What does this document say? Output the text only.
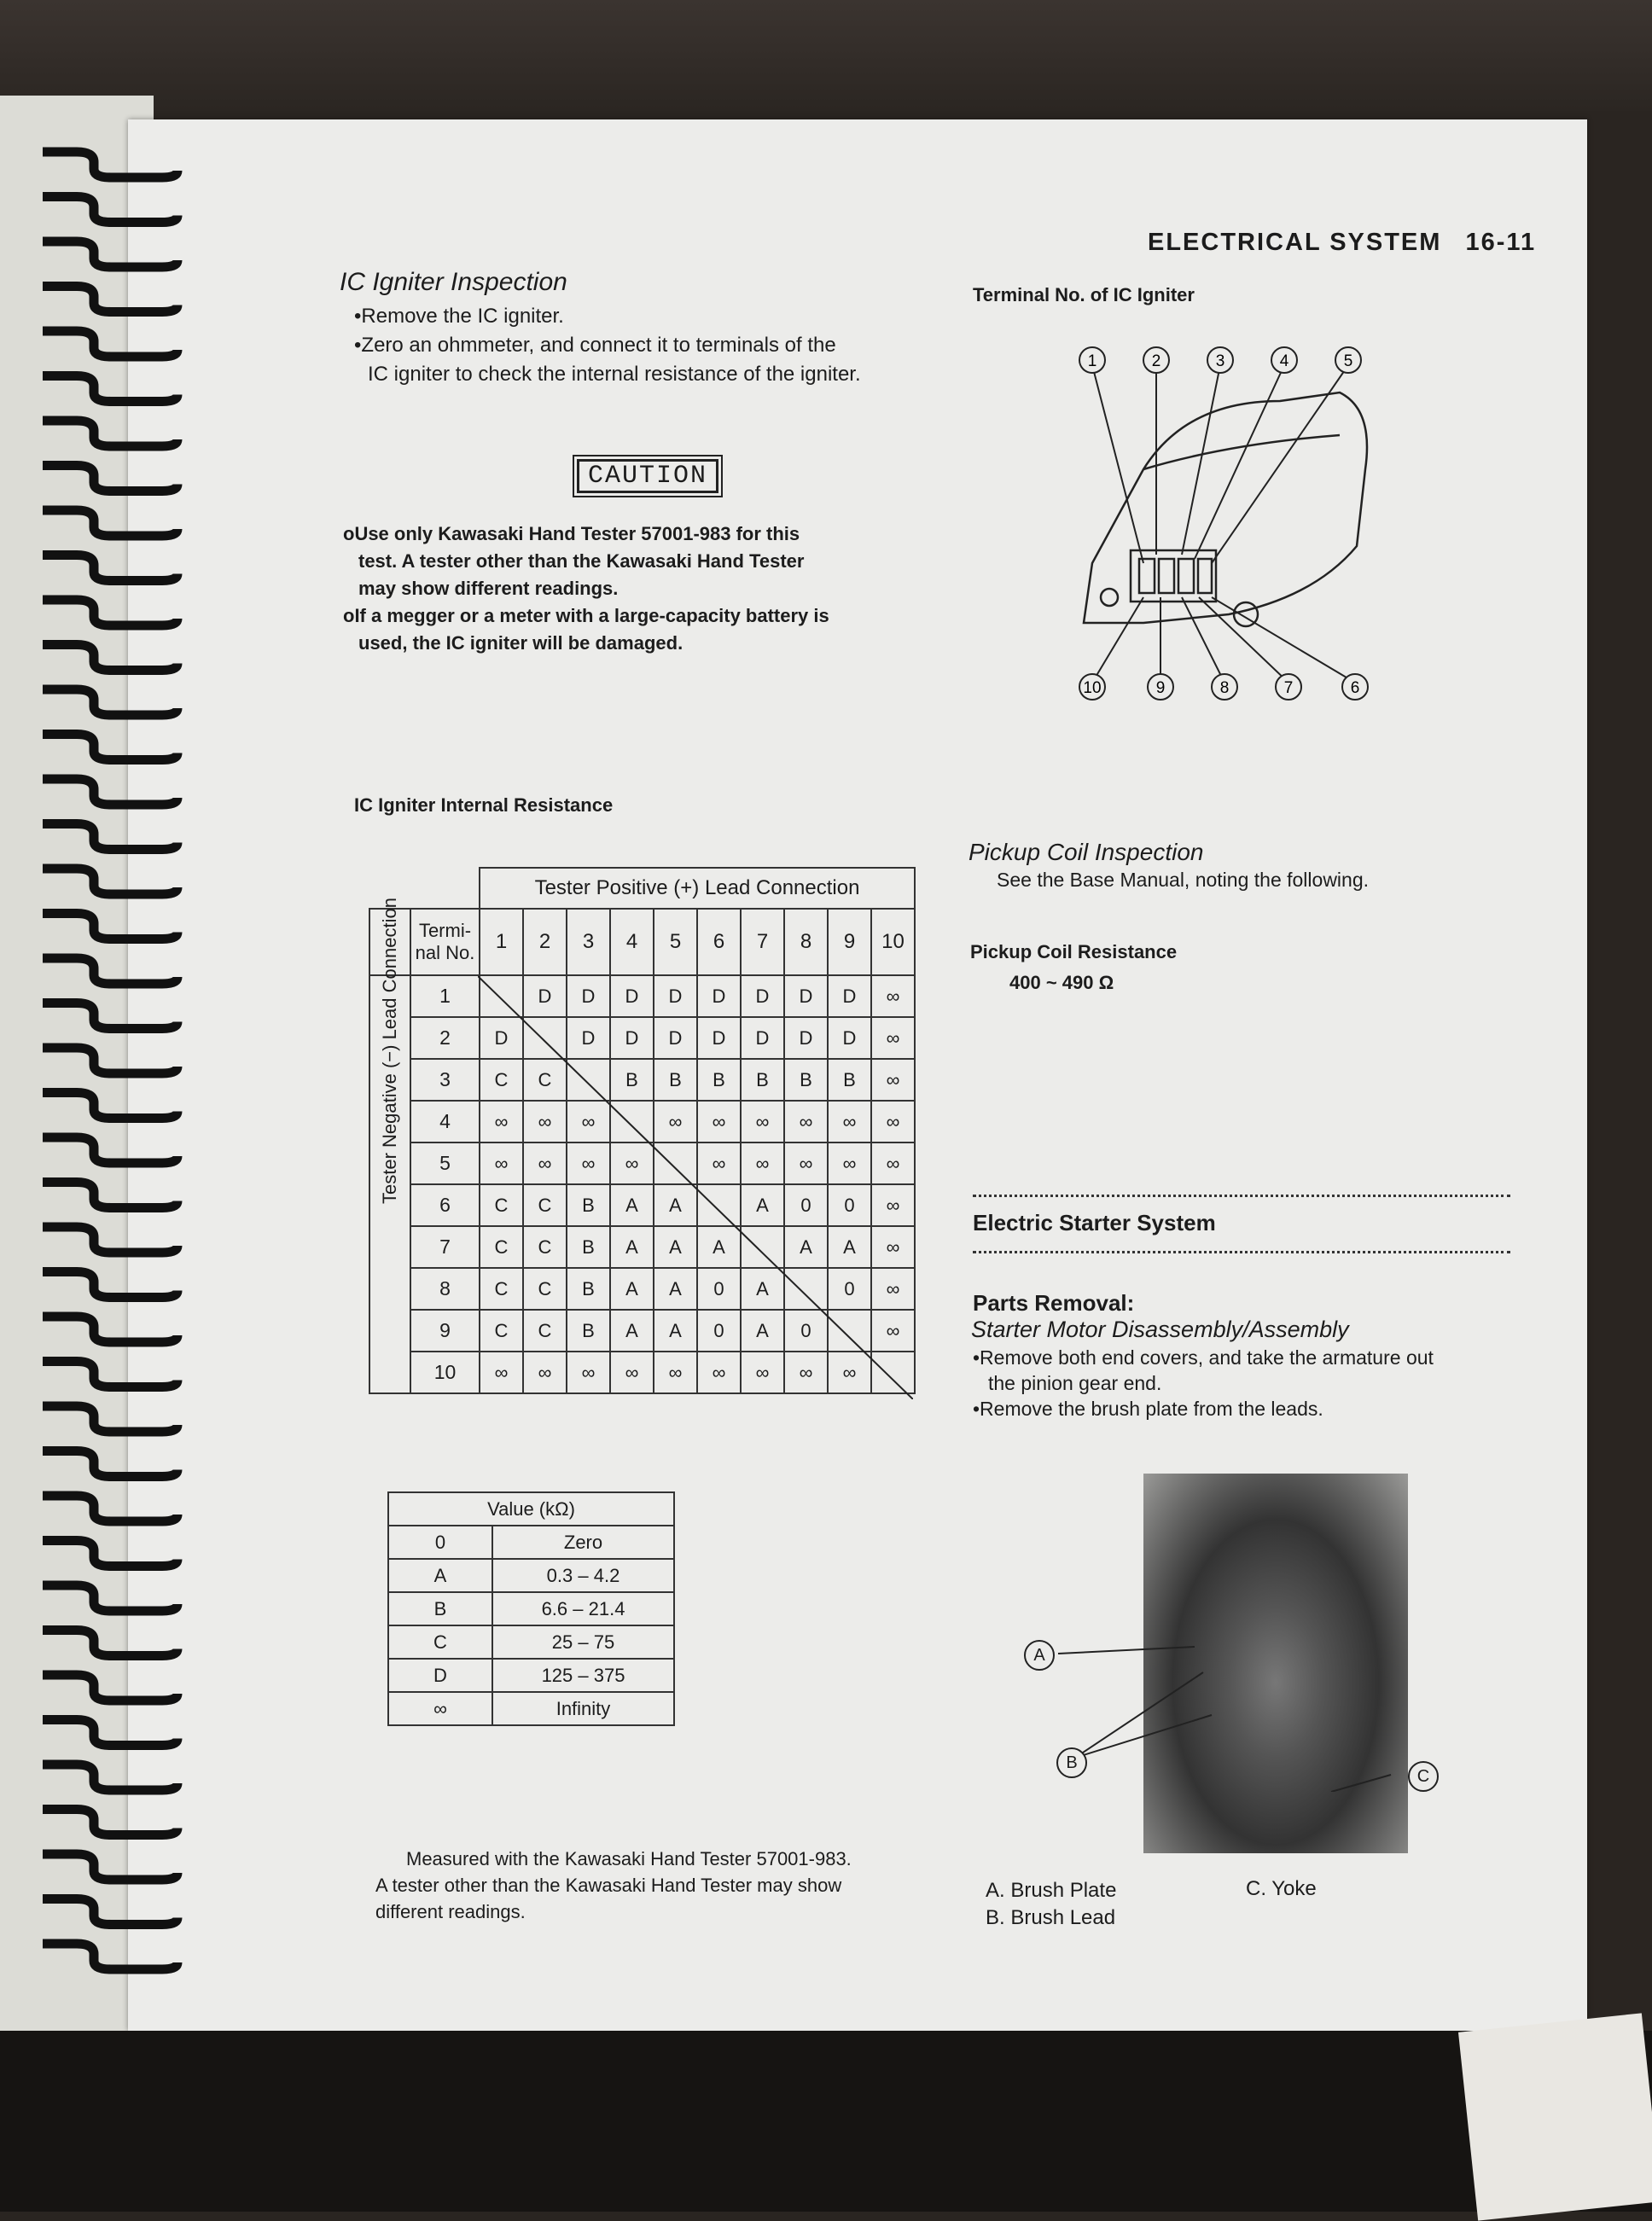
ELECTRICAL SYSTEM 16-11
IC Igniter Inspection
•Remove the IC igniter.
•Zero an ohmmeter, and connect it to terminals of the
IC igniter to check the internal resistance of the igniter.
CAUTION
oUse only Kawasaki Hand Tester 57001-983 for this
test. A tester other than the Kawasaki Hand Tester
may show different readings.
oIf a megger or a meter with a large-capacity battery is
used, the IC igniter will be damaged.
Terminal No. of IC Igniter
1	2	3	4	5
10	9	8	7	6
IC Igniter Internal Resistance
		Tester Positive (+) Lead Connection									
	Termi-nal No.	1	2	3	4	5	6	7	8	9	10

Tester Negative (−) Lead Connection	1		D	D	D	D	D	D	D	D	∞
	2	D		D	D	D	D	D	D	D	∞
	3	C	C		B	B	B	B	B	B	∞
	4	∞	∞	∞		∞	∞	∞	∞	∞	∞
	5	∞	∞	∞	∞		∞	∞	∞	∞	∞
	6	C	C	B	A	A		A	0	0	∞
	7	C	C	B	A	A	A		A	A	∞
	8	C	C	B	A	A	0	A		0	∞
	9	C	C	B	A	A	0	A	0		∞
	10	∞	∞	∞	∞	∞	∞	∞	∞	∞	
Value (kΩ)	
0	Zero
A	0.3 – 4.2
B	6.6 – 21.4
C	25 – 75
D	125 – 375
∞	Infinity
Measured with the Kawasaki Hand Tester 57001-983.
A tester other than the Kawasaki Hand Tester may show
different readings.
Pickup Coil Inspection
See the Base Manual, noting the following.
Pickup Coil Resistance
400 ~ 490 Ω
Electric Starter System
Parts Removal:
Starter Motor Disassembly/Assembly
•Remove both end covers, and take the armature out
the pinion gear end.
•Remove the brush plate from the leads.
A
B
C
A. Brush Plate
B. Brush Lead
C. Yoke
